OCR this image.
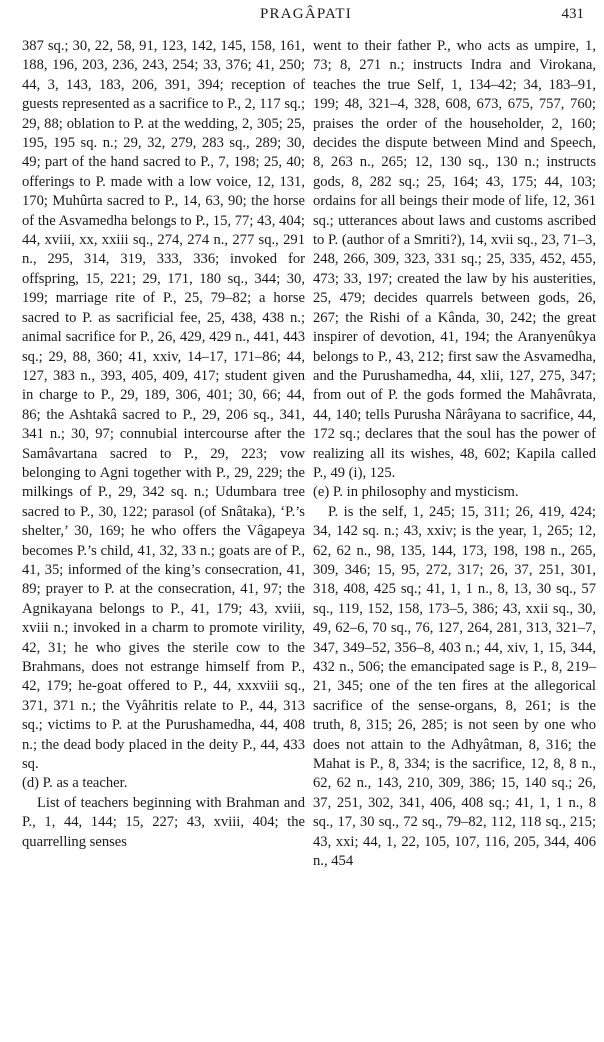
PRAGÂPATI	431

387 sq.; 30, 22, 58, 91, 123, 142, 145, 158, 161, 188, 196, 203, 236, 243, 254; 33, 376; 41, 250; 44, 3, 143, 183, 206, 391, 394; reception of guests represented as a sacrifice to P., 2, 117 sq.; 29, 88; oblation to P. at the wedding, 2, 305; 25, 195, 195 sq. n.; 29, 32, 279, 283 sq., 289; 30, 49; part of the hand sacred to P., 7, 198; 25, 40; offerings to P. made with a low voice, 12, 131, 170; Muhûrta sacred to P., 14, 63, 90; the horse of the Asvamedha belongs to P., 15, 77; 43, 404; 44, xviii, xx, xxiii sq., 274, 274 n., 277 sq., 291 n., 295, 314, 319, 333, 336; invoked for offspring, 15, 221; 29, 171, 180 sq., 344; 30, 199; marriage rite of P., 25, 79–82; a horse sacred to P. as sacrificial fee, 25, 438, 438 n.; animal sacrifice for P., 26, 429, 429 n., 441, 443 sq.; 29, 88, 360; 41, xxiv, 14–17, 171–86; 44, 127, 383 n., 393, 405, 409, 417; student given in charge to P., 29, 189, 306, 401; 30, 66; 44, 86; the Ashtakâ sacred to P., 29, 206 sq., 341, 341 n.; 30, 97; connubial intercourse after the Samâvartana sacred to P., 29, 223; vow belonging to Agni together with P., 29, 229; the milkings of P., 29, 342 sq. n.; Udumbara tree sacred to P., 30, 122; parasol (of Snâtaka), ‘P.’s shelter,’ 30, 169; he who offers the Vâgapeya becomes P.’s child, 41, 32, 33 n.; goats are of P., 41, 35; informed of the king’s consecration, 41, 89; prayer to P. at the consecration, 41, 97; the Agnikayana belongs to P., 41, 179; 43, xviii, xviii n.; invoked in a charm to promote virility, 42, 31; he who gives the sterile cow to the Brahmans, does not estrange himself from P., 42, 179; he-goat offered to P., 44, xxxviii sq., 371, 371 n.; the Vyâhritis relate to P., 44, 313 sq.; victims to P. at the Purushamedha, 44, 408 n.; the dead body placed in the deity P., 44, 433 sq.

(d) P. as a teacher.

List of teachers beginning with Brahman and P., 1, 44, 144; 15, 227; 43, xviii, 404; the quarrelling senses

went to their father P., who acts as umpire, 1, 73; 8, 271 n.; instructs Indra and Virokana, teaches the true Self, 1, 134–42; 34, 183–91, 199; 48, 321–4, 328, 608, 673, 675, 757, 760; praises the order of the householder, 2, 160; decides the dispute between Mind and Speech, 8, 263 n., 265; 12, 130 sq., 130 n.; instructs gods, 8, 282 sq.; 25, 164; 43, 175; 44, 103; ordains for all beings their mode of life, 12, 361 sq.; utterances about laws and customs ascribed to P. (author of a Smriti?), 14, xvii sq., 23, 71–3, 248, 266, 309, 323, 331 sq.; 25, 335, 452, 455, 473; 33, 197; created the law by his austerities, 25, 479; decides quarrels between gods, 26, 267; the Rishi of a Kânda, 30, 242; the great inspirer of devotion, 41, 194; the Aranyenûkya belongs to P., 43, 212; first saw the Asvamedha, and the Purushamedha, 44, xlii, 127, 275, 347; from out of P. the gods formed the Mahâvrata, 44, 140; tells Purusha Nârâyana to sacrifice, 44, 172 sq.; declares that the soul has the power of realizing all its wishes, 48, 602; Kapila called P., 49 (i), 125.

(e) P. in philosophy and mysticism.

P. is the self, 1, 245; 15, 311; 26, 419, 424; 34, 142 sq. n.; 43, xxiv; is the year, 1, 265; 12, 62, 62 n., 98, 135, 144, 173, 198, 198 n., 265, 309, 346; 15, 95, 272, 317; 26, 37, 251, 301, 318, 408, 425 sq.; 41, 1, 1 n., 8, 13, 30 sq., 57 sq., 119, 152, 158, 173–5, 386; 43, xxii sq., 30, 49, 62–6, 70 sq., 76, 127, 264, 281, 313, 321–7, 347, 349–52, 356–8, 403 n.; 44, xiv, 1, 15, 344, 432 n., 506; the emancipated sage is P., 8, 219–21, 345; one of the ten fires at the allegorical sacrifice of the sense-organs, 8, 261; is the truth, 8, 315; 26, 285; is not seen by one who does not attain to the Adhyâtman, 8, 316; the Mahat is P., 8, 334; is the sacrifice, 12, 8, 8 n., 62, 62 n., 143, 210, 309, 386; 15, 140 sq.; 26, 37, 251, 302, 341, 406, 408 sq.; 41, 1, 1 n., 8 sq., 17, 30 sq., 72 sq., 79–82, 112, 118 sq., 215; 43, xxi; 44, 1, 22, 105, 107, 116, 205, 344, 406 n., 454
